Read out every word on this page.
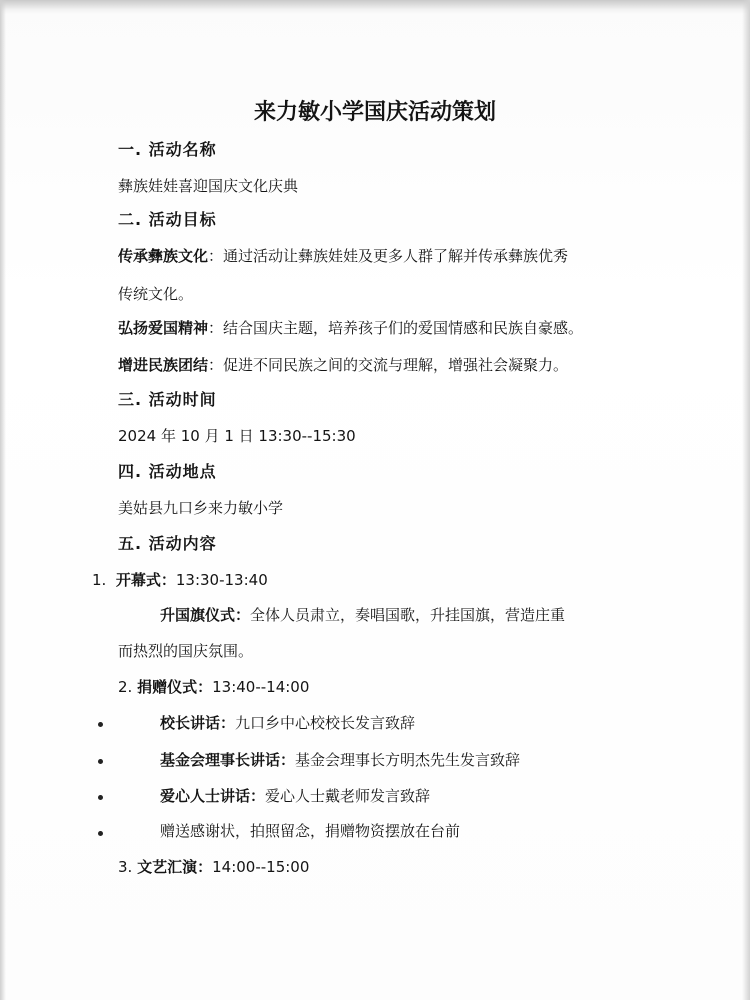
来力敏小学国庆活动策划
一. 活动名称
彝族娃娃喜迎国庆文化庆典
二. 活动目标
传承彝族文化：通过活动让彝族娃娃及更多人群了解并传承彝族优秀
传统文化。
弘扬爱国精神：结合国庆主题，培养孩子们的爱国情感和民族自豪感。
增进民族团结：促进不同民族之间的交流与理解，增强社会凝聚力。
三. 活动时间
2024 年 10 月 1 日 13:30--15:30
四. 活动地点
美姑县九口乡来力敏小学
五. 活动内容
1. 开幕式：13:30-13:40
升国旗仪式：全体人员肃立，奏唱国歌，升挂国旗，营造庄重
而热烈的国庆氛围。
2. 捐赠仪式：13:40--14:00
校长讲话：九口乡中心校校长发言致辞
基金会理事长讲话：基金会理事长方明杰先生发言致辞
爱心人士讲话：爱心人士戴老师发言致辞
赠送感谢状，拍照留念，捐赠物资摆放在台前
3. 文艺汇演：14:00--15:00
